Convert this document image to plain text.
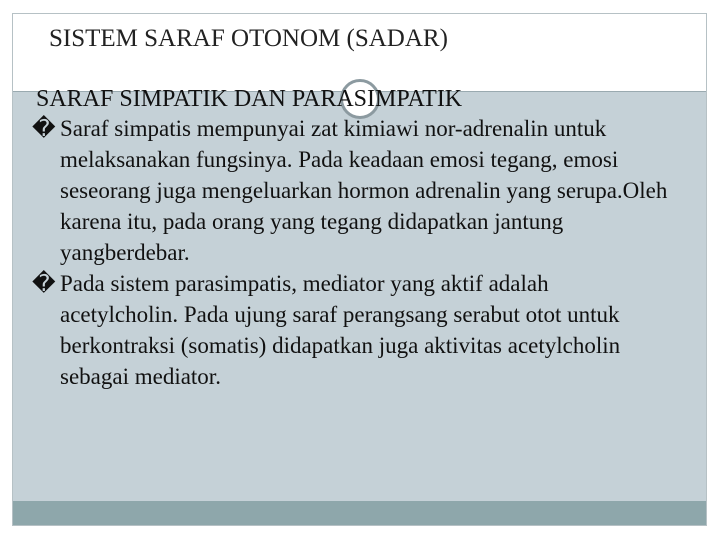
SISTEM SARAF OTONOM (SADAR)

SARAF SIMPATIK DAN PARASIMPATIK

� Saraf simpatis mempunyai zat kimiawi nor-adrenalin untuk melaksanakan fungsinya. Pada keadaan emosi tegang, emosi seseorang juga mengeluarkan hormon adrenalin yang serupa.Oleh karena itu, pada orang yang tegang didapatkan jantung yangberdebar.
� Pada sistem parasimpatis, mediator yang aktif adalah acetylcholin. Pada ujung saraf perangsang serabut otot untuk berkontraksi (somatis) didapatkan juga aktivitas acetylcholin sebagai mediator.
